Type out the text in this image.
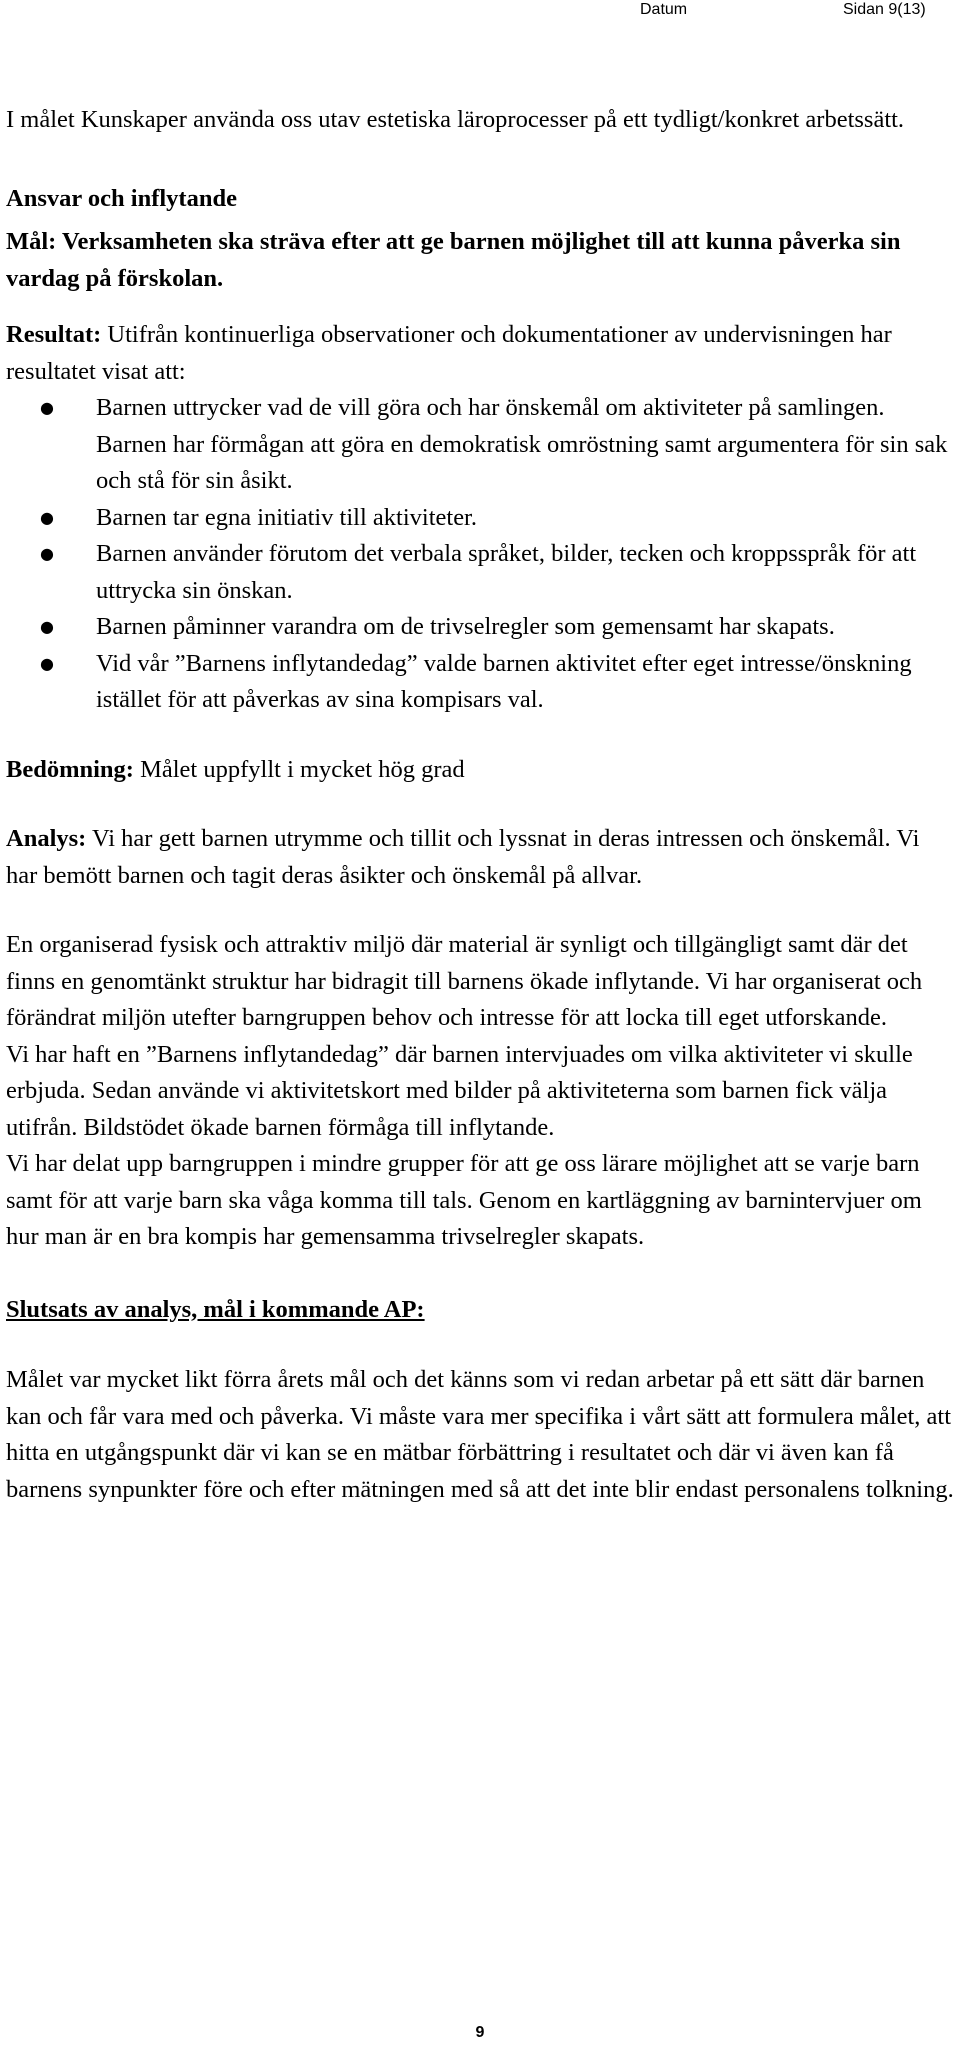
Datum	Sidan 9(13)

I målet Kunskaper använda oss utav estetiska läroprocesser på ett tydligt/konkret arbetssätt.

Ansvar och inflytande

Mål: Verksamheten ska sträva efter att ge barnen möjlighet till att kunna påverka sin vardag på förskolan.

Resultat: Utifrån kontinuerliga observationer och dokumentationer av undervisningen har resultatet visat att:

● Barnen uttrycker vad de vill göra och har önskemål om aktiviteter på samlingen. Barnen har förmågan att göra en demokratisk omröstning samt argumentera för sin sak och stå för sin åsikt.
● Barnen tar egna initiativ till aktiviteter.
● Barnen använder förutom det verbala språket, bilder, tecken och kroppsspråk för att uttrycka sin önskan.
● Barnen påminner varandra om de trivselregler som gemensamt har skapats.
● Vid vår ”Barnens inflytandedag” valde barnen aktivitet efter eget intresse/önskning istället för att påverkas av sina kompisars val.

Bedömning: Målet uppfyllt i mycket hög grad

Analys: Vi har gett barnen utrymme och tillit och lyssnat in deras intressen och önskemål. Vi har bemött barnen och tagit deras åsikter och önskemål på allvar.

En organiserad fysisk och attraktiv miljö där material är synligt och tillgängligt samt där det finns en genomtänkt struktur har bidragit till barnens ökade inflytande. Vi har organiserat och förändrat miljön utefter barngruppen behov och intresse för att locka till eget utforskande.

Vi har haft en ”Barnens inflytandedag” där barnen intervjuades om vilka aktiviteter vi skulle erbjuda. Sedan använde vi aktivitetskort med bilder på aktiviteterna som barnen fick välja utifrån. Bildstödet ökade barnen förmåga till inflytande.

Vi har delat upp barngruppen i mindre grupper för att ge oss lärare möjlighet att se varje barn samt för att varje barn ska våga komma till tals. Genom en kartläggning av barnintervjuer om hur man är en bra kompis har gemensamma trivselregler skapats.

Slutsats av analys, mål i kommande AP:

Målet var mycket likt förra årets mål och det känns som vi redan arbetar på ett sätt där barnen kan och får vara med och påverka. Vi måste vara mer specifika i vårt sätt att formulera målet, att hitta en utgångspunkt där vi kan se en mätbar förbättring i resultatet och där vi även kan få barnens synpunkter före och efter mätningen med så att det inte blir endast personalens tolkning.

9
